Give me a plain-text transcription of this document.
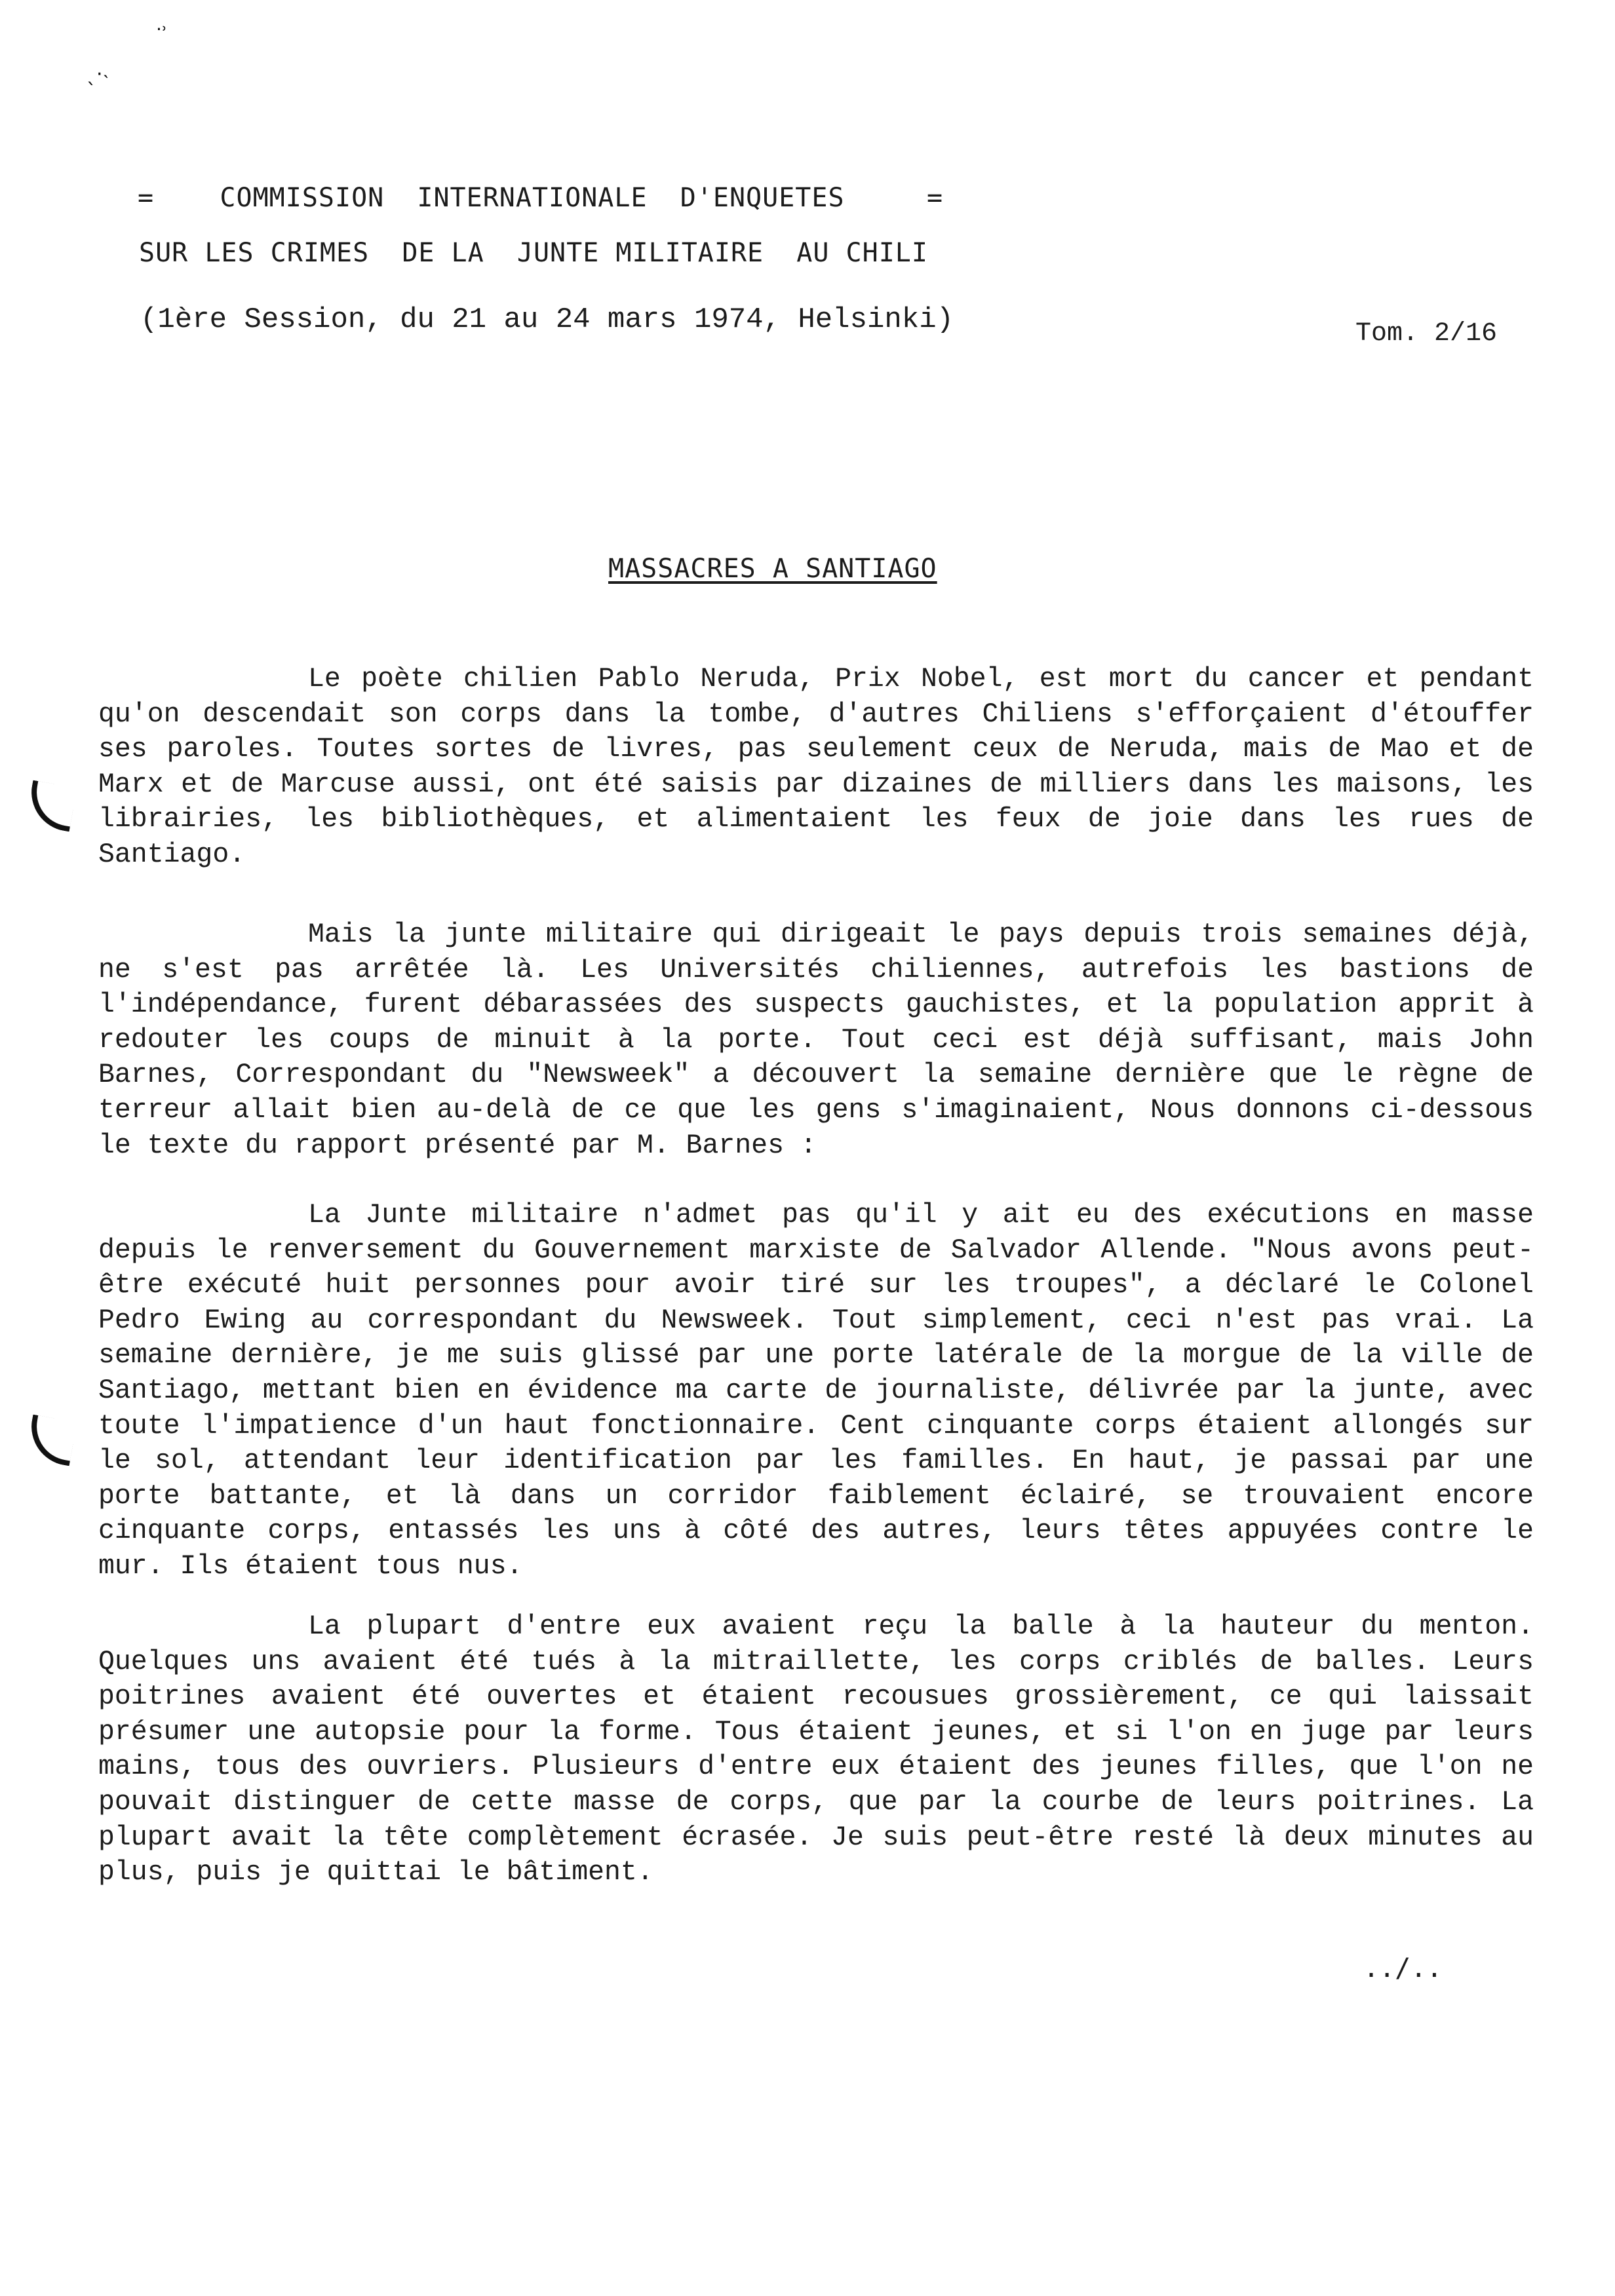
ˎ·˴
·˒
=    COMMISSION  INTERNATIONALE  D'ENQUETES     =
SUR LES CRIMES  DE LA  JUNTE MILITAIRE  AU CHILI
(1ère Session, du 21 au 24 mars 1974, Helsinki)	Tom. 2/16
MASSACRES A SANTIAGO

Le poète chilien Pablo Neruda, Prix Nobel, est mort du cancer et pendant qu'on descendait son corps dans la tombe, d'autres Chiliens s'efforçaient d'étouffer ses paroles. Toutes sortes de livres, pas seulement ceux de Neruda, mais de Mao et de Marx et de Marcuse aussi, ont été saisis par dizaines de milliers dans les maisons, les librairies, les bibliothèques, et alimentaient les feux de joie dans les rues de Santiago.

Mais la junte militaire qui dirigeait le pays depuis trois semaines déjà, ne s'est pas arrêtée là. Les Universités chiliennes, autrefois les bastions de l'indépendance, furent débarassées des suspects gauchistes, et la population apprit à redouter les coups de minuit à la porte. Tout ceci est déjà suffisant, mais John Barnes, Correspondant du "Newsweek" a découvert la semaine dernière que le règne de terreur allait bien au-delà de ce que les gens s'imaginaient, Nous donnons ci-dessous le texte du rapport présenté par M. Barnes :

La Junte militaire n'admet pas qu'il y ait eu des exécutions en masse depuis le renversement du Gouvernement marxiste de Salvador Allende. "Nous avons peut-être exécuté huit personnes pour avoir tiré sur les troupes", a déclaré le Colonel Pedro Ewing au correspondant du Newsweek. Tout simplement, ceci n'est pas vrai. La semaine dernière, je me suis glissé par une porte latérale de la morgue de la ville de Santiago, mettant bien en évidence ma carte de journaliste, délivrée par la junte, avec toute l'impatience d'un haut fonctionnaire. Cent cinquante corps étaient allongés sur le sol, attendant leur identification par les familles. En haut, je passai par une porte battante, et là dans un corridor faiblement éclairé, se trouvaient encore cinquante corps, entassés les uns à côté des autres, leurs têtes appuyées contre le mur. Ils étaient tous nus.

La plupart d'entre eux avaient reçu la balle à la hauteur du menton. Quelques uns avaient été tués à la mitraillette, les corps criblés de balles. Leurs poitrines avaient été ouvertes et étaient recousues grossièrement, ce qui laissait présumer une autopsie pour la forme. Tous étaient jeunes, et si l'on en juge par leurs mains, tous des ouvriers. Plusieurs d'entre eux étaient des jeunes filles, que l'on ne pouvait distinguer de cette masse de corps, que par la courbe de leurs poitrines. La plupart avait la tête complètement écrasée. Je suis peut-être resté là deux minutes au plus, puis je quittai le bâtiment.

../..
